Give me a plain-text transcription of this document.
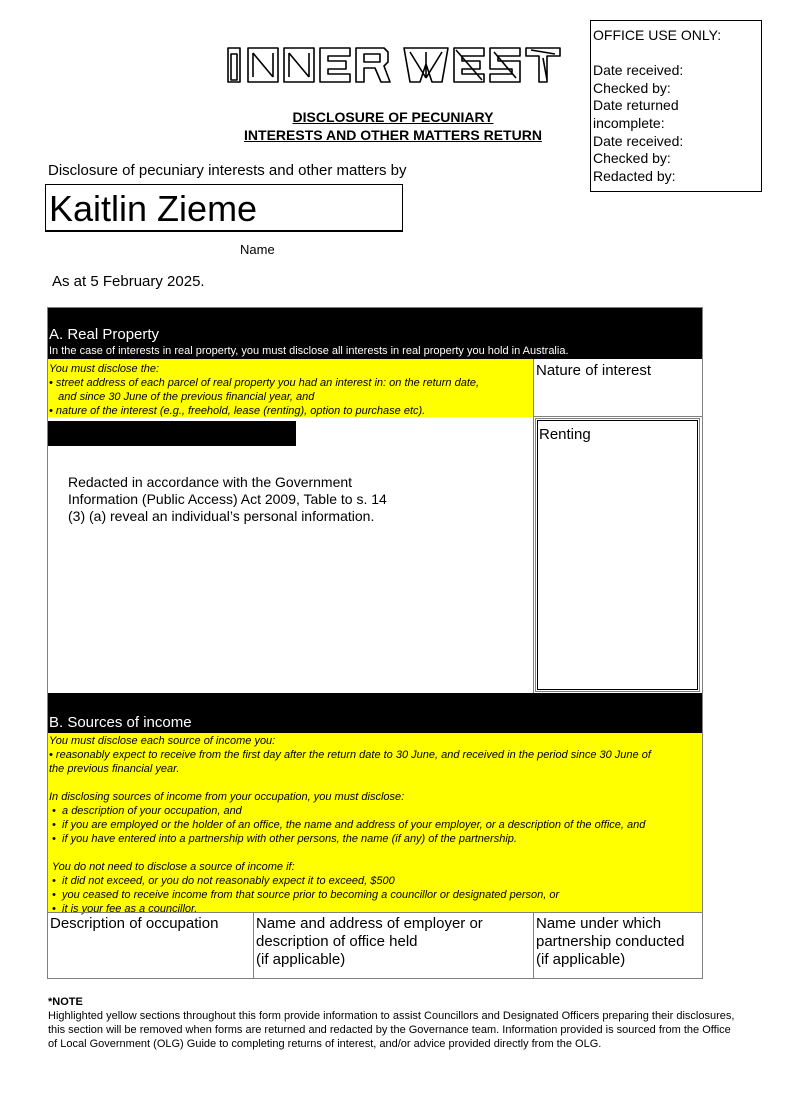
OFFICE USE ONLY:
Date received:
Checked by:
Date returned
incomplete:
Date received:
Checked by:
Redacted by:
DISCLOSURE OF PECUNIARY
INTERESTS AND OTHER MATTERS RETURN
Disclosure of pecuniary interests and other matters by
Kaitlin Zieme
Name
As at 5 February 2025.
A. Real Property
In the case of interests in real property, you must disclose all interests in real property you hold in Australia.
You must disclose the:
• street address of each parcel of real property you had an interest in: on the return date,
and since 30 June of the previous financial year, and
• nature of the interest (e.g., freehold, lease (renting), option to purchase etc).
Nature of interest
Redacted in accordance with the Government
Information (Public Access) Act 2009, Table to s. 14
(3) (a) reveal an individual’s personal information.
Renting
B. Sources of income
You must disclose each source of income you:
• reasonably expect to receive from the first day after the return date to 30 June, and received in the period since 30 June of
the previous financial year.
In disclosing sources of income from your occupation, you must disclose:
•  a description of your occupation, and
•  if you are employed or the holder of an office, the name and address of your employer, or a description of the office, and
•  if you have entered into a partnership with other persons, the name (if any) of the partnership.
You do not need to disclose a source of income if:
•  it did not exceed, or you do not reasonably expect it to exceed, $500
•  you ceased to receive income from that source prior to becoming a councillor or designated person, or
•  it is your fee as a councillor.
Description of occupation	Name and address of employer or
description of office held
(if applicable)
Name under which
partnership conducted
(if applicable)
*NOTE
Highlighted yellow sections throughout this form provide information to assist Councillors and Designated Officers preparing their disclosures, this section will be removed when forms are returned and redacted by the Governance team. Information provided is sourced from the Office of Local Government (OLG) Guide to completing returns of interest, and/or advice provided directly from the OLG.
